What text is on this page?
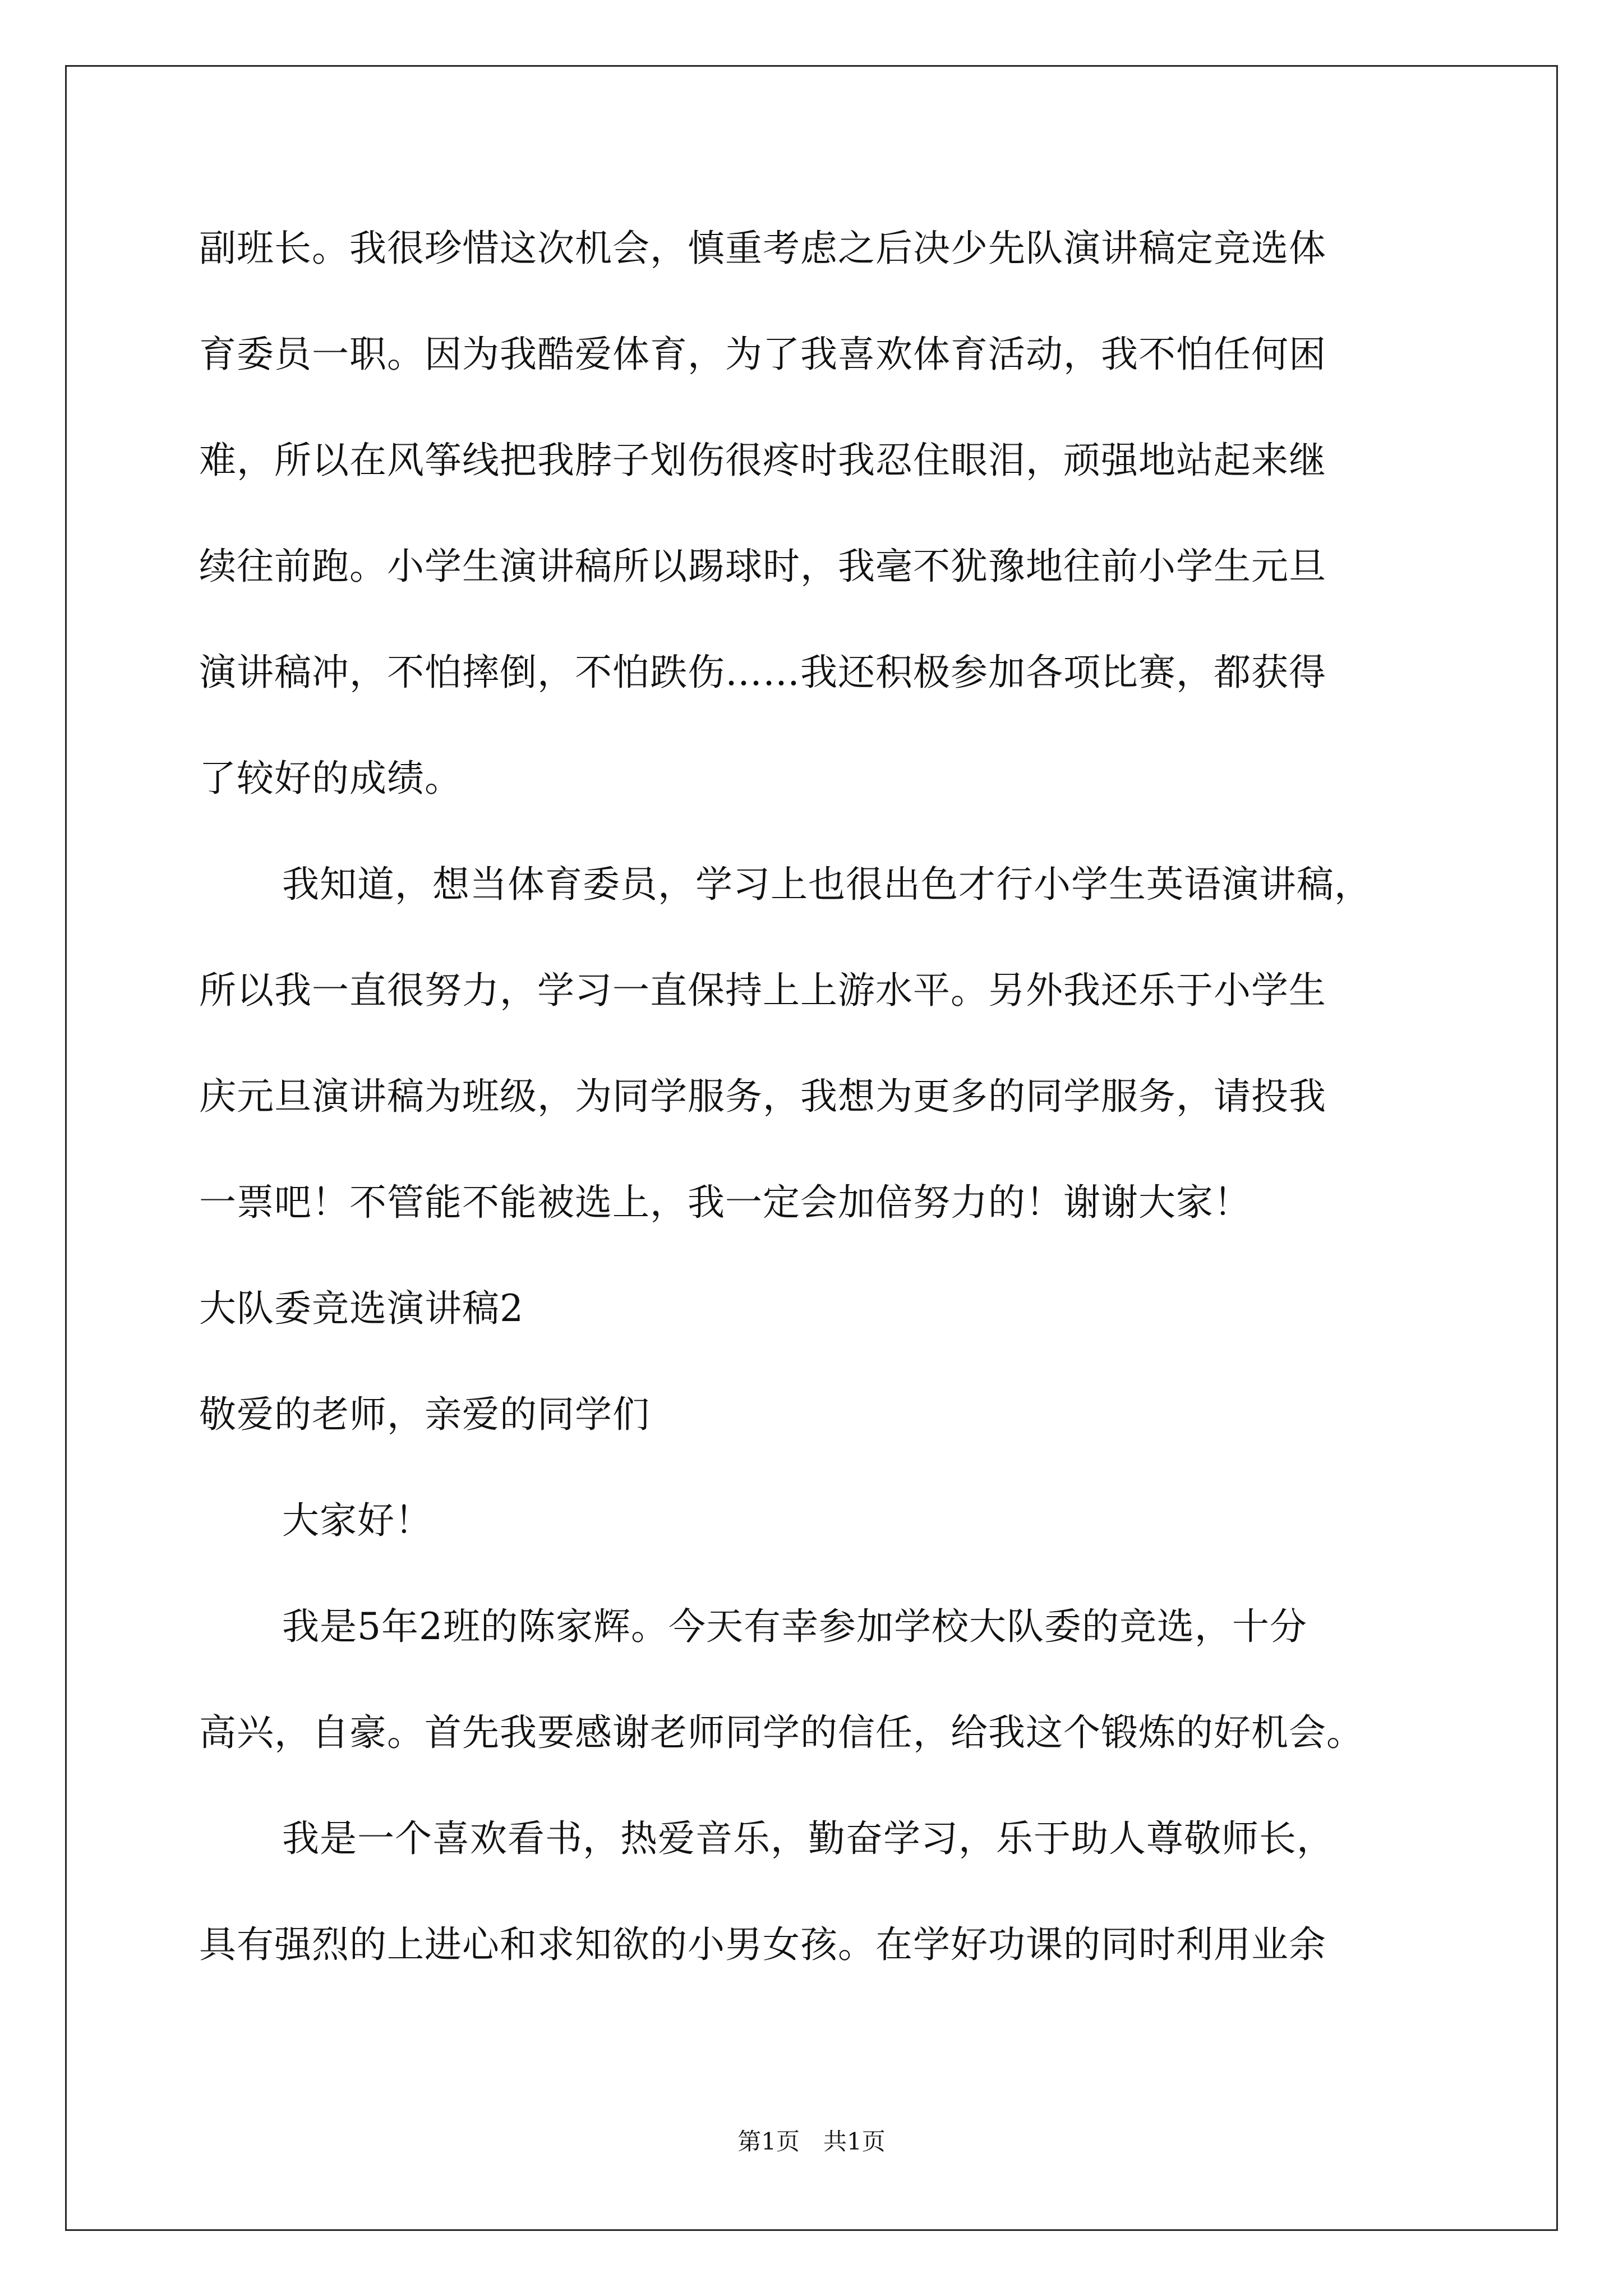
副班长。我很珍惜这次机会，慎重考虑之后决少先队演讲稿定竞选体
育委员一职。因为我酷爱体育，为了我喜欢体育活动，我不怕任何困
难，所以在风筝线把我脖子划伤很疼时我忍住眼泪，顽强地站起来继
续往前跑。小学生演讲稿所以踢球时，我毫不犹豫地往前小学生元旦
演讲稿冲，不怕摔倒，不怕跌伤……我还积极参加各项比赛，都获得
了较好的成绩。
我知道，想当体育委员，学习上也很出色才行小学生英语演讲稿，
所以我一直很努力，学习一直保持上上游水平。另外我还乐于小学生
庆元旦演讲稿为班级，为同学服务，我想为更多的同学服务，请投我
一票吧！不管能不能被选上，我一定会加倍努力的！谢谢大家！
大队委竞选演讲稿2
敬爱的老师，亲爱的同学们
大家好！
我是5年2班的陈家辉。今天有幸参加学校大队委的竞选，十分
高兴，自豪。首先我要感谢老师同学的信任，给我这个锻炼的好机会。
我是一个喜欢看书，热爱音乐，勤奋学习，乐于助人尊敬师长，
具有强烈的上进心和求知欲的小男女孩。在学好功课的同时利用业余
第1页　共1页
